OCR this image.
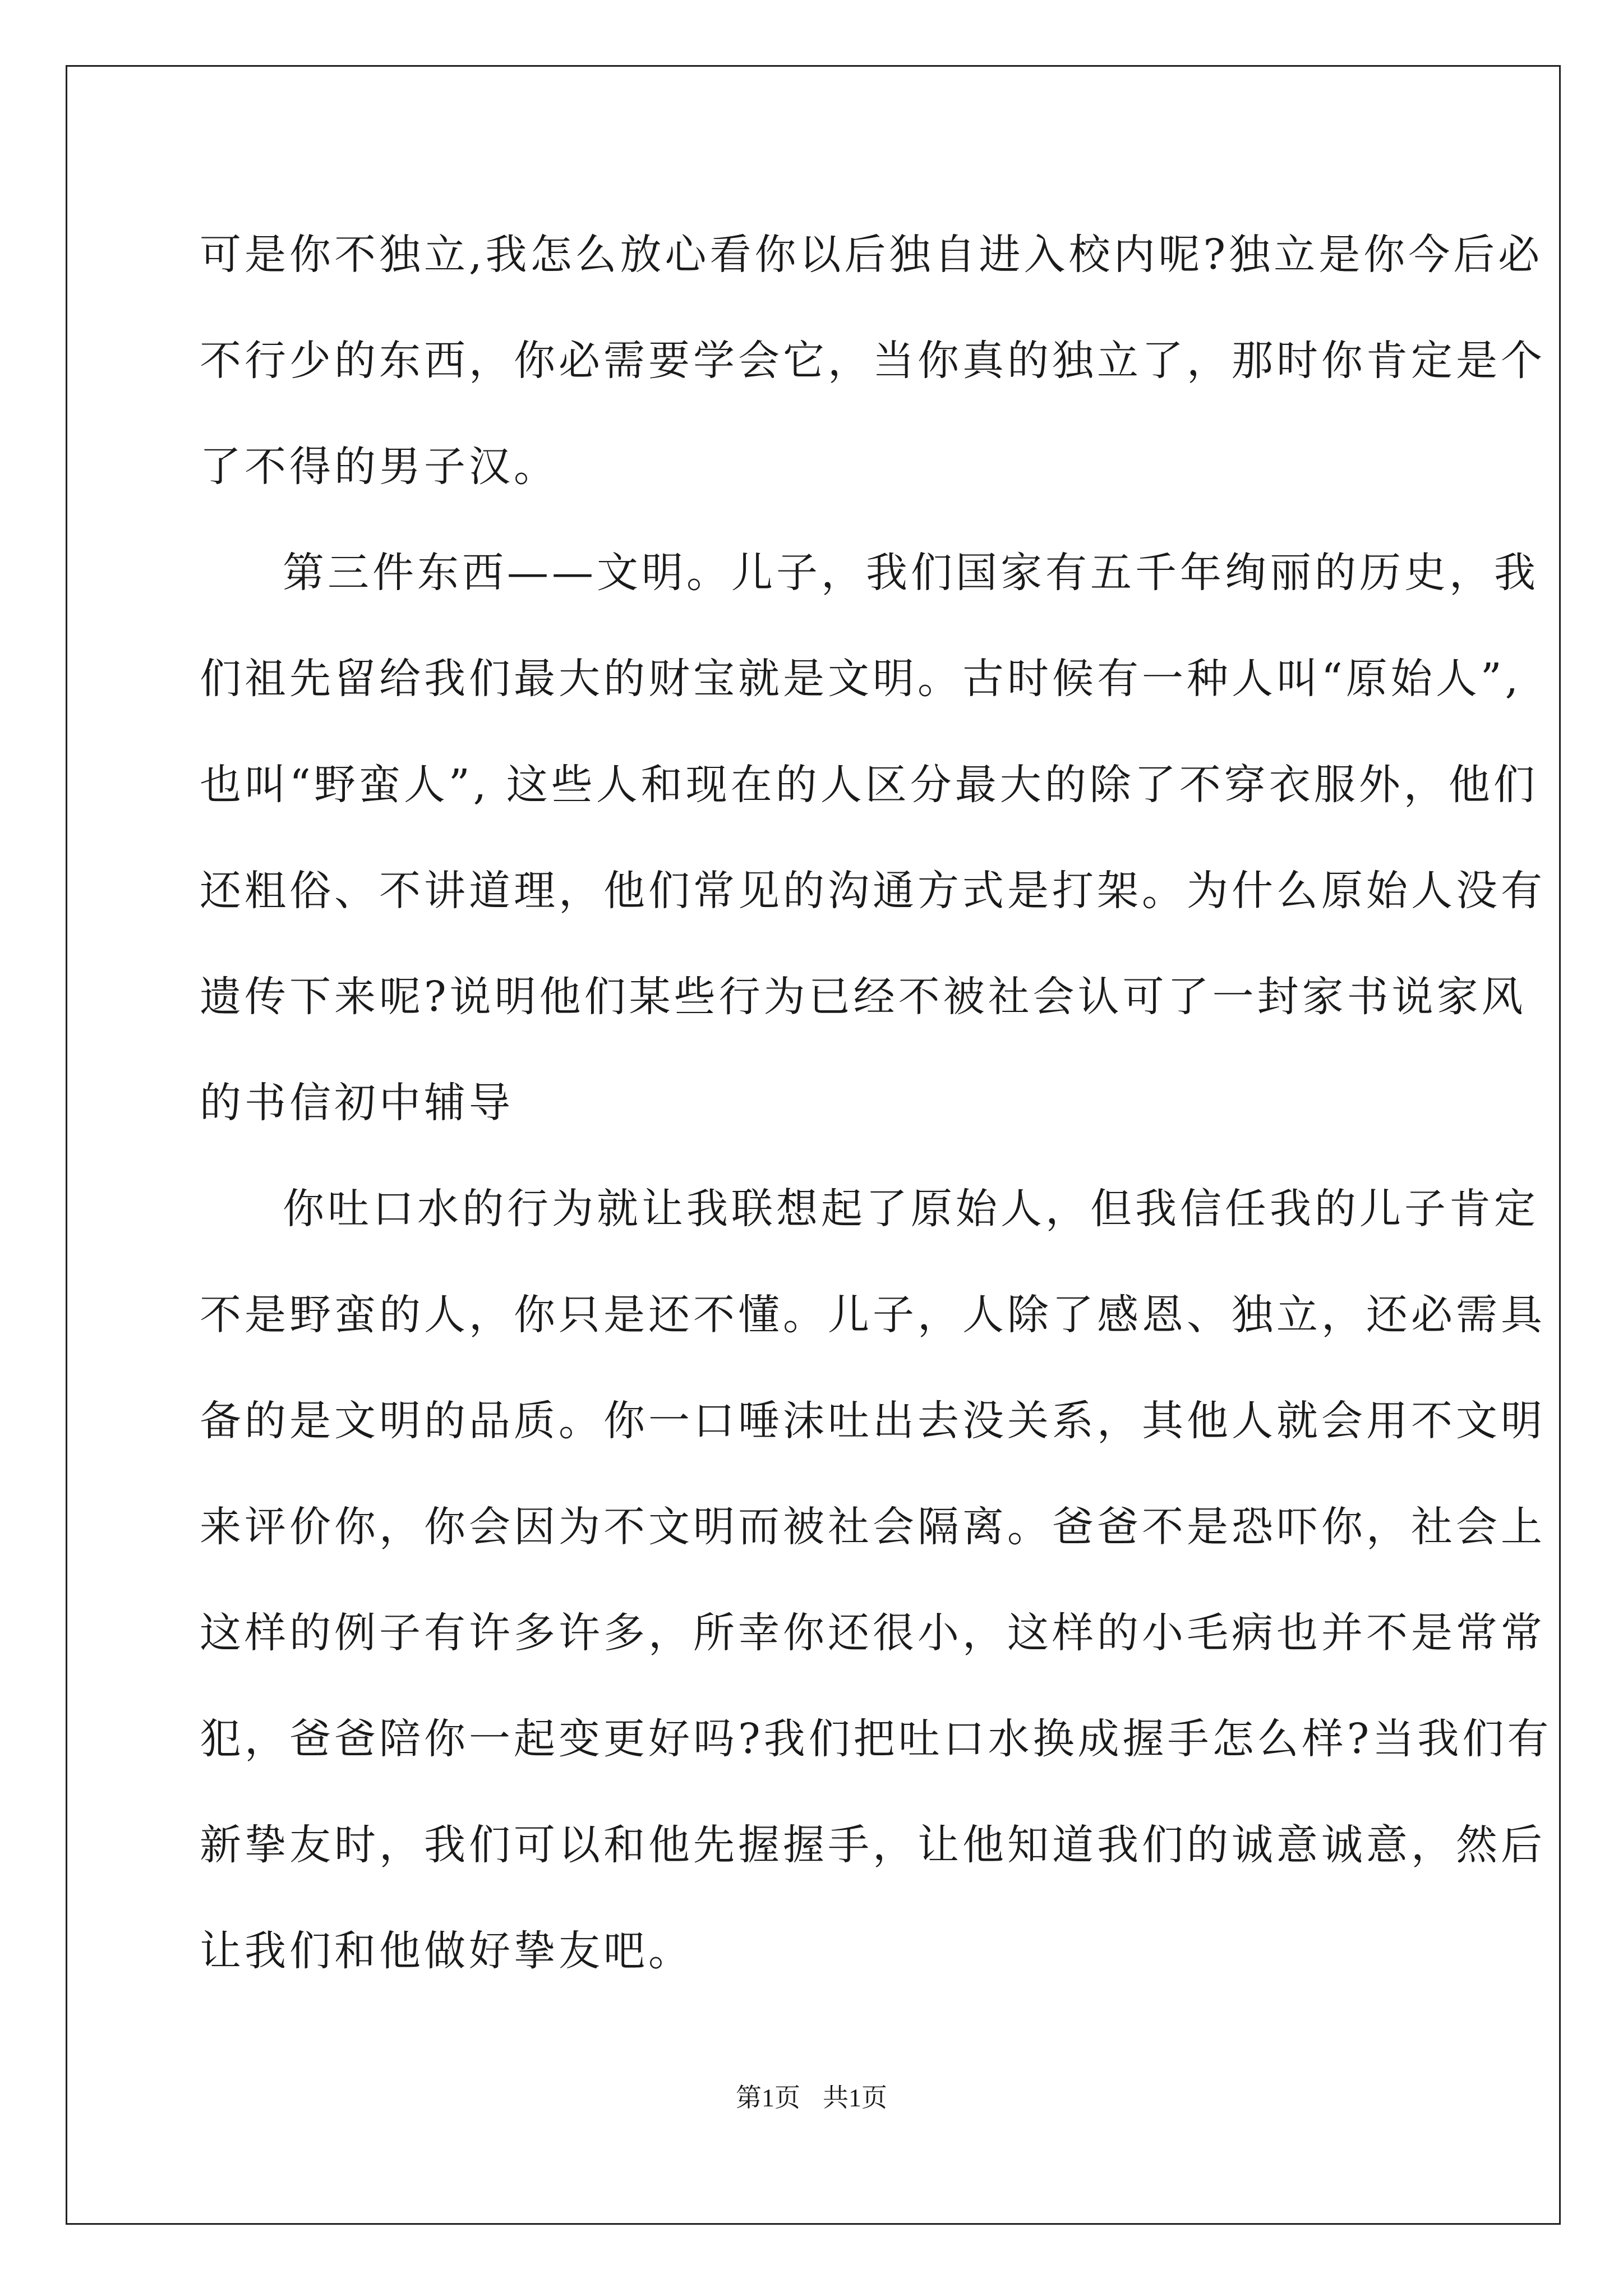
可是你不独立,我怎么放心看你以后独自进入校内呢?独立是你今后必
不行少的东西，你必需要学会它，当你真的独立了，那时你肯定是个
了不得的男子汉。
第三件东西——文明。儿子，我们国家有五千年绚丽的历史，我
们祖先留给我们最大的财宝就是文明。古时候有一种人叫“原始人”,
也叫“野蛮人”, 这些人和现在的人区分最大的除了不穿衣服外，他们
还粗俗、不讲道理，他们常见的沟通方式是打架。为什么原始人没有
遗传下来呢?说明他们某些行为已经不被社会认可了一封家书说家风
的书信初中辅导
你吐口水的行为就让我联想起了原始人，但我信任我的儿子肯定
不是野蛮的人，你只是还不懂。儿子，人除了感恩、独立，还必需具
备的是文明的品质。你一口唾沫吐出去没关系，其他人就会用不文明
来评价你，你会因为不文明而被社会隔离。爸爸不是恐吓你，社会上
这样的例子有许多许多，所幸你还很小，这样的小毛病也并不是常常
犯，爸爸陪你一起变更好吗?我们把吐口水换成握手怎么样?当我们有
新挚友时，我们可以和他先握握手，让他知道我们的诚意诚意，然后
让我们和他做好挚友吧。
第1页 共1页
